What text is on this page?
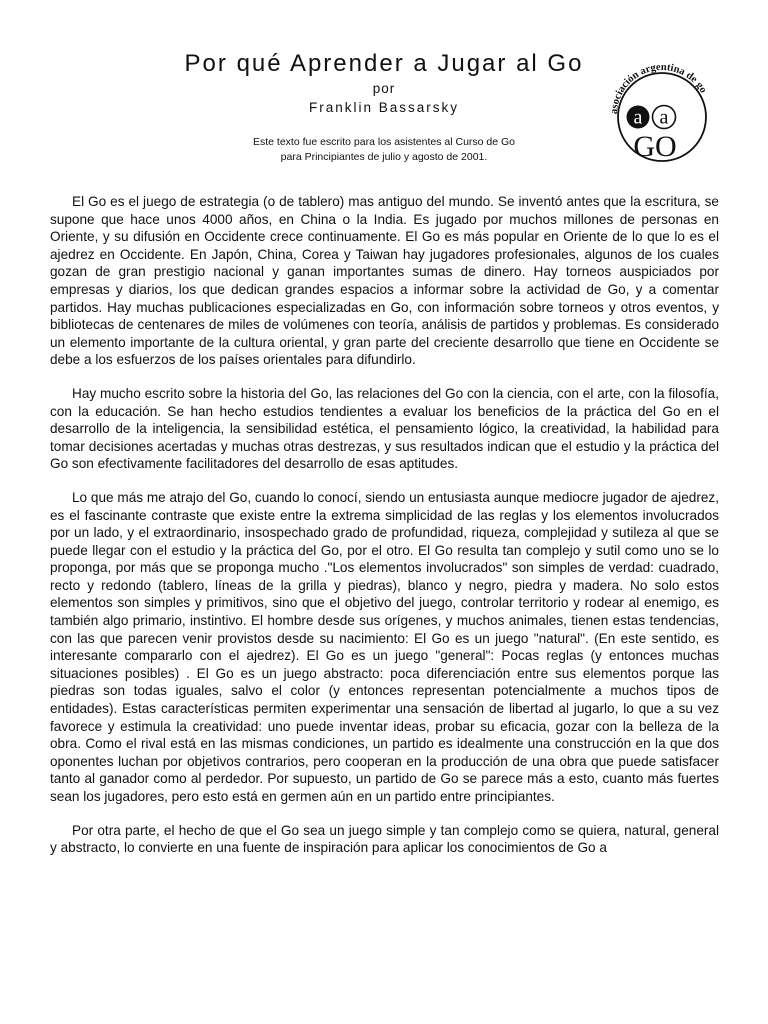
Por qué Aprender a Jugar al Go
por
Franklin Bassarsky
Este texto fue escrito para los asistentes al Curso de Go
para Principiantes de julio y agosto de 2001.
asociación argentina de go
a a
GO

El Go es el juego de estrategia (o de tablero) mas antiguo del mundo. Se inventó antes que la escritura, se supone que hace unos 4000 años, en China o la India. Es jugado por muchos millones de personas en Oriente, y su difusión en Occidente crece continuamente. El Go es más popular en Oriente de lo que lo es el ajedrez en Occidente. En Japón, China, Corea y Taiwan hay jugadores profesionales, algunos de los cuales gozan de gran prestigio nacional y ganan importantes sumas de dinero. Hay torneos auspiciados por empresas y diarios, los que dedican grandes espacios a informar sobre la actividad de Go, y a comentar partidos. Hay muchas publicaciones especializadas en Go, con información sobre torneos y otros eventos, y bibliotecas de centenares de miles de volúmenes con teoría, análisis de partidos y problemas. Es considerado un elemento importante de la cultura oriental, y gran parte del creciente desarrollo que tiene en Occidente se debe a los esfuerzos de los países orientales para difundirlo.

Hay mucho escrito sobre la historia del Go, las relaciones del Go con la ciencia, con el arte, con la filosofía, con la educación. Se han hecho estudios tendientes a evaluar los beneficios de la práctica del Go en el desarrollo de la inteligencia, la sensibilidad estética, el pensamiento lógico, la creatividad, la habilidad para tomar decisiones acertadas y muchas otras destrezas, y sus resultados indican que el estudio y la práctica del Go son efectivamente facilitadores del desarrollo de esas aptitudes.

Lo que más me atrajo del Go, cuando lo conocí, siendo un entusiasta aunque mediocre jugador de ajedrez, es el fascinante contraste que existe entre la extrema simplicidad de las reglas y los elementos involucrados por un lado, y el extraordinario, insospechado grado de profundidad, riqueza, complejidad y sutileza al que se puede llegar con el estudio y la práctica del Go, por el otro. El Go resulta tan complejo y sutil como uno se lo proponga, por más que se proponga mucho ."Los elementos involucrados" son simples de verdad: cuadrado, recto y redondo (tablero, líneas de la grilla y piedras), blanco y negro, piedra y madera. No solo estos elementos son simples y primitivos, sino que el objetivo del juego, controlar territorio y rodear al enemigo, es también algo primario, instintivo. El hombre desde sus orígenes, y muchos animales, tienen estas tendencias, con las que parecen venir provistos desde su nacimiento: El Go es un juego "natural". (En este sentido, es interesante compararlo con el ajedrez). El Go es un juego "general": Pocas reglas (y entonces muchas situaciones posibles) . El Go es un juego abstracto: poca diferenciación entre sus elementos porque las piedras son todas iguales, salvo el color (y entonces representan potencialmente a muchos tipos de entidades). Estas características permiten experimentar una sensación de libertad al jugarlo, lo que a su vez favorece y estimula la creatividad: uno puede inventar ideas, probar su eficacia, gozar con la belleza de la obra. Como el rival está en las mismas condiciones, un partido es idealmente una construcción en la que dos oponentes luchan por objetivos contrarios, pero cooperan en la producción de una obra que puede satisfacer tanto al ganador como al perdedor. Por supuesto, un partido de Go se parece más a esto, cuanto más fuertes sean los jugadores, pero esto está en germen aún en un partido entre principiantes.

Por otra parte, el hecho de que el Go sea un juego simple y tan complejo como se quiera, natural, general y abstracto, lo convierte en una fuente de inspiración para aplicar los conocimientos de Go a
